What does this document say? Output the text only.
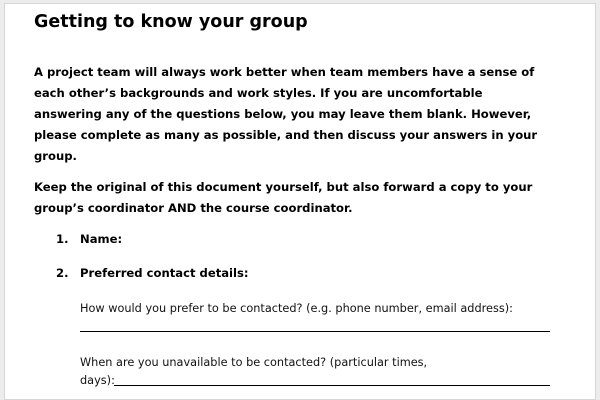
Getting to know your group

A project team will always work better when team members have a sense of
each other’s backgrounds and work styles. If you are uncomfortable
answering any of the questions below, you may leave them blank. However,
please complete as many as possible, and then discuss your answers in your
group.

Keep the original of this document yourself, but also forward a copy to your
group’s coordinator AND the course coordinator.

1. Name:
2. Preferred contact details:
How would you prefer to be contacted? (e.g. phone number, email address):
When are you unavailable to be contacted? (particular times,
days):
